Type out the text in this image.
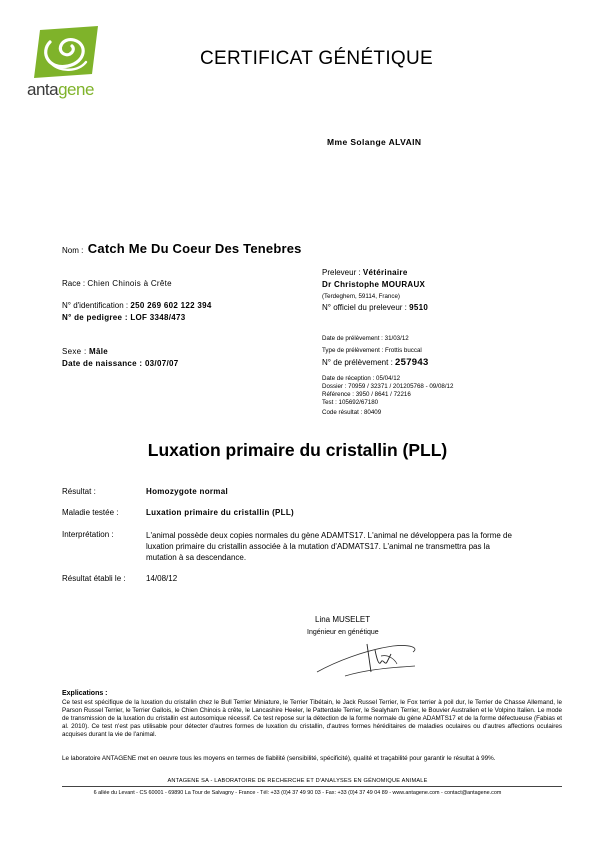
antagene
CERTIFICAT GÉNÉTIQUE
Mme Solange ALVAIN
Nom : Catch Me Du Coeur Des Tenebres
Race : Chien Chinois à Crête
N° d'identification : 250 269 602 122 394
N° de pedigree : LOF 3348/473
Sexe : Mâle
Date de naissance : 03/07/07
Preleveur : Vétérinaire
Dr Christophe MOURAUX
(Terdeghem, 59114, France)
N° officiel du preleveur : 9510
Date de prélèvement : 31/03/12
Type de prélèvement : Frottis buccal
N° de prélèvement : 257943
Date de réception : 05/04/12
Dossier : 70959 / 32371 / 201205768 - 09/08/12
Référence : 3950 / 8641 / 72216
Test : 105692/67180
Code résultat : 80409
Luxation primaire du cristallin (PLL)
Résultat :	Homozygote normal
Maladie testée :	Luxation primaire du cristallin (PLL)
Interprétation :	L'animal possède deux copies normales du gène ADAMTS17. L'animal ne développera pas la forme de luxation primaire du cristallin associée à la mutation d'ADMATS17. L'animal ne transmettra pas la mutation à sa descendance.
Résultat établi le :	14/08/12
Lina MUSELET
Ingénieur en génétique
Explications :
Ce test est spécifique de la luxation du cristallin chez le Bull Terrier Miniature, le Terrier Tibétain, le Jack Russel Terrier, le Fox terrier à poil dur, le Terrier de Chasse Allemand, le Parson Russel Terrier, le Terrier Gallois, le Chien Chinois à crête, le Lancashire Heeler, le Patterdale Terrier, le Sealyham Terrier, le Bouvier Australien et le Volpino Italien. Le mode de transmission de la luxation du cristallin est autosomique récessif. Ce test repose sur la détection de la forme normale du gène ADAMTS17 et de la forme défectueuse (Fabias et al. 2010). Ce test n'est pas utilisable pour détecter d'autres formes de luxation du cristallin, d'autres formes héréditaires de maladies oculaires ou d'autres affections oculaires acquises durant la vie de l'animal.
Le laboratoire ANTAGENE met en oeuvre tous les moyens en termes de fiabilité (sensibilité, spécificité), qualité et traçabilité pour garantir le résultat à 99%.
ANTAGENE SA - LABORATOIRE DE RECHERCHE ET D'ANALYSES EN GÉNOMIQUE ANIMALE
6 allée du Levant - CS 60001 - 69890 La Tour de Salvagny - France - Tél: +33 (0)4 37 49 90 03 - Fax: +33 (0)4 37 49 04 89 - www.antagene.com - contact@antagene.com
